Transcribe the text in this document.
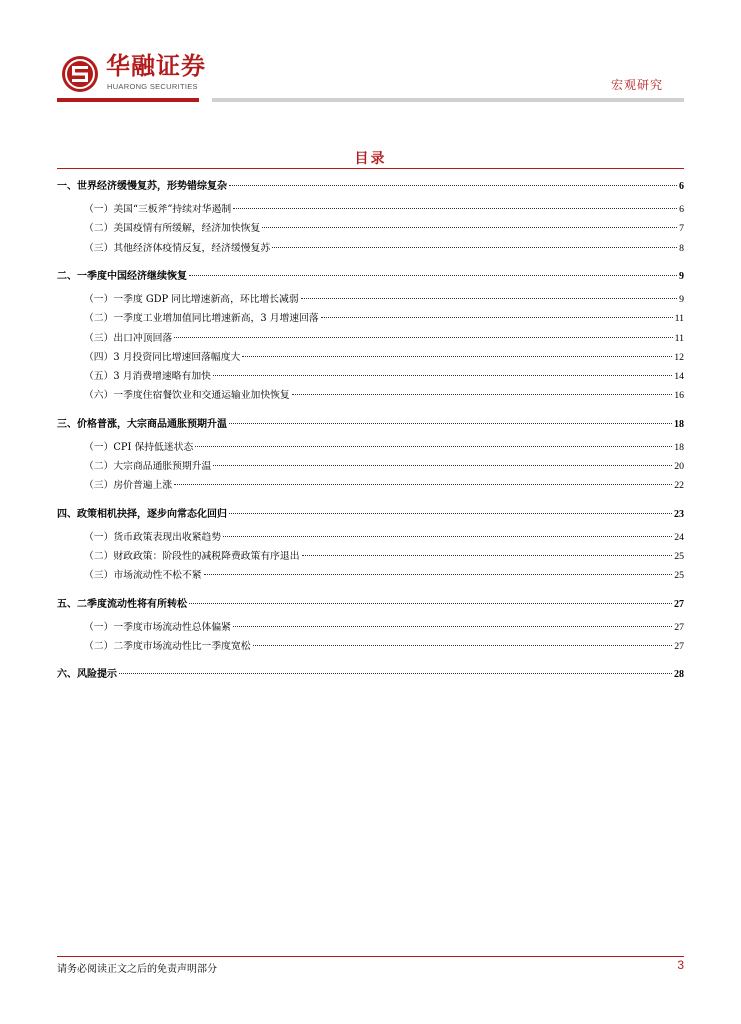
华融证券
HUARONG SECURITIES	宏观研究
目录
一、世界经济缓慢复苏，形势错综复杂	6
（一）美国“三板斧”持续对华遏制	6
（二）美国疫情有所缓解，经济加快恢复	7
（三）其他经济体疫情反复，经济缓慢复苏	8
二、一季度中国经济继续恢复	9
（一）一季度 GDP 同比增速新高，环比增长减弱	9
（二）一季度工业增加值同比增速新高，3 月增速回落	11
（三）出口冲顶回落	11
（四）3 月投资同比增速回落幅度大	12
（五）3 月消费增速略有加快	14
（六）一季度住宿餐饮业和交通运输业加快恢复	16
三、价格普涨，大宗商品通胀预期升温	18
（一）CPI 保持低迷状态	18
（二）大宗商品通胀预期升温	20
（三）房价普遍上涨	22
四、政策相机抉择，逐步向常态化回归	23
（一）货币政策表现出收紧趋势	24
（二）财政政策：阶段性的减税降费政策有序退出	25
（三）市场流动性不松不紧	25
五、二季度流动性将有所转松	27
（一）一季度市场流动性总体偏紧	27
（二）二季度市场流动性比一季度宽松	27
六、风险提示	28
请务必阅读正文之后的免责声明部分	3
